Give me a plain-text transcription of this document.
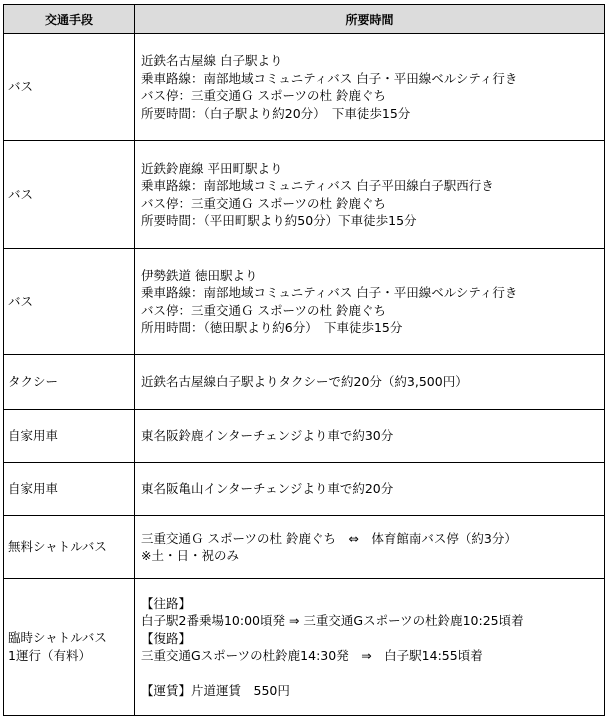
交通手段	所要時間
バス	近鉄名古屋線 白子駅より
乗車路線：南部地域コミュニティバス 白子・平田線ベルシティ行き
バス停：三重交通Ｇ スポーツの杜 鈴鹿ぐち
所要時間：（白子駅より約20分）　下車徒歩15分

バス	近鉄鈴鹿線 平田町駅より
乗車路線：南部地域コミュニティバス 白子平田線白子駅西行き
バス停：三重交通Ｇ スポーツの杜 鈴鹿ぐち
所要時間：（平田町駅より約50分）下車徒歩15分

バス	伊勢鉄道 徳田駅より
乗車路線：南部地域コミュニティバス 白子・平田線ベルシティ行き
バス停：三重交通Ｇ スポーツの杜 鈴鹿ぐち
所用時間：（徳田駅より約6分）　下車徒歩15分

タクシー	近鉄名古屋線白子駅よりタクシーで約20分（約3,500円）

自家用車	東名阪鈴鹿インターチェンジより車で約30分

自家用車	東名阪亀山インターチェンジより車で約20分

無料シャトルバス	三重交通Ｇ スポーツの杜 鈴鹿ぐち　⇔　体育館南バス停（約3分）
※土・日・祝のみ

臨時シャトルバス
1運行（有料）	【往路】
白子駅2番乗場10:00頃発 ⇒ 三重交通Gスポーツの杜鈴鹿10:25頃着
【復路】
三重交通Gスポーツの杜鈴鹿14:30発　⇒　白子駅14:55頃着
【運賃】片道運賃　550円
